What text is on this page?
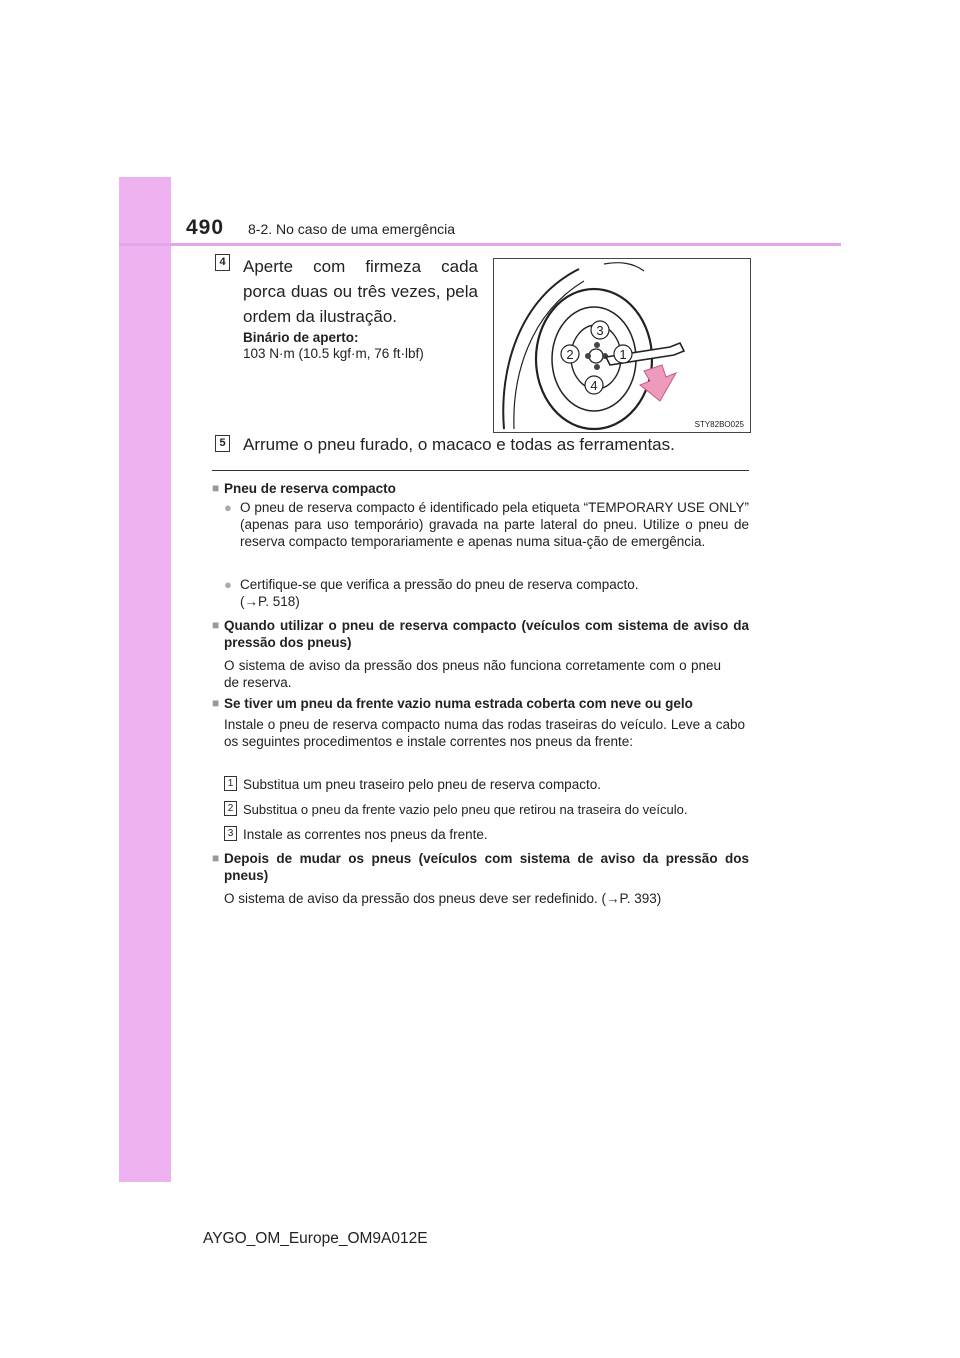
490 8-2. No caso de uma emergência
4 Aperte com firmeza cada porca duas ou três vezes, pela ordem da ilustração.
Binário de aperto:
103 N·m (10.5 kgf·m, 76 ft·lbf)
3
2	1
4
STY82BO025
5 Arrume o pneu furado, o macaco e todas as ferramentas.
■ Pneu de reserva compacto
● O pneu de reserva compacto é identificado pela etiqueta “TEMPORARY USE ONLY” (apenas para uso temporário) gravada na parte lateral do pneu. Utilize o pneu de reserva compacto temporariamente e apenas numa situa-ção de emergência.
● Certifique-se que verifica a pressão do pneu de reserva compacto.
(→P. 518)
■ Quando utilizar o pneu de reserva compacto (veículos com sistema de aviso da pressão dos pneus)
O sistema de aviso da pressão dos pneus não funciona corretamente com o pneu de reserva.
■ Se tiver um pneu da frente vazio numa estrada coberta com neve ou gelo
Instale o pneu de reserva compacto numa das rodas traseiras do veículo. Leve a cabo os seguintes procedimentos e instale correntes nos pneus da frente:
1 Substitua um pneu traseiro pelo pneu de reserva compacto.
2 Substitua o pneu da frente vazio pelo pneu que retirou na traseira do veículo.
3 Instale as correntes nos pneus da frente.
■ Depois de mudar os pneus (veículos com sistema de aviso da pressão dos pneus)
O sistema de aviso da pressão dos pneus deve ser redefinido. (→P. 393)
AYGO_OM_Europe_OM9A012E
